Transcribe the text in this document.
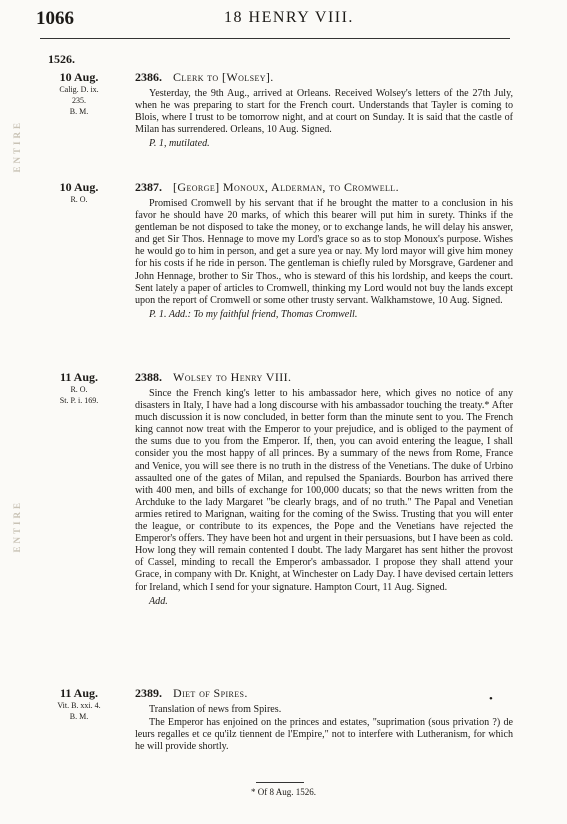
1066	18 HENRY VIII.
1526.
ENTIRE
ENTIRE
10 Aug.
Calig. D. ix.
235.
B. M.
2386. Clerk to [Wolsey].

Yesterday, the 9th Aug., arrived at Orleans. Received Wolsey's letters of the 27th July, when he was preparing to start for the French court. Understands that Tayler is coming to Blois, where I trust to be tomorrow night, and at court on Sunday. It is said that the castle of Milan has surrendered. Orleans, 10 Aug. Signed.

P. 1, mutilated.
10 Aug.
R. O.
2387. [George] Monoux, Alderman, to Cromwell.

Promised Cromwell by his servant that if he brought the matter to a conclusion in his favor he should have 20 marks, of which this bearer will put him in surety. Thinks if the gentleman be not disposed to take the money, or to exchange lands, he will delay his answer, and get Sir Thos. Hennage to move my Lord's grace so as to stop Monoux's purpose. Wishes he would go to him in person, and get a sure yea or nay. My lord mayor will give him money for his costs if he ride in person. The gentleman is chiefly ruled by Morsgrave, Gardener and John Hennage, brother to Sir Thos., who is steward of this his lordship, and keeps the court. Sent lately a paper of articles to Cromwell, thinking my Lord would not buy the lands except upon the report of Cromwell or some other trusty servant. Walkhamstowe, 10 Aug. Signed.

P. 1. Add.: To my faithful friend, Thomas Cromwell.
11 Aug.
R. O.
St. P. i. 169.
2388. Wolsey to Henry VIII.

Since the French king's letter to his ambassador here, which gives no notice of any disasters in Italy, I have had a long discourse with his ambassador touching the treaty.* After much discussion it is now concluded, in better form than the minute sent to you. The French king cannot now treat with the Emperor to your prejudice, and is obliged to the payment of the sums due to you from the Emperor. If, then, you can avoid entering the league, I shall consider you the most happy of all princes. By a summary of the news from Rome, France and Venice, you will see there is no truth in the distress of the Venetians. The duke of Urbino assaulted one of the gates of Milan, and repulsed the Spaniards. Bourbon has arrived there with 400 men, and bills of exchange for 100,000 ducats; so that the news written from the Archduke to the lady Margaret "be clearly brags, and of no truth." The Papal and Venetian armies retired to Marignan, waiting for the coming of the Swiss. Trusting that you will enter the league, or contribute to its expences, the Pope and the Venetians have rejected the Emperor's offers. They have been hot and urgent in their persuasions, but I have been as cold. How long they will remain contented I doubt. The lady Margaret has sent hither the provost of Cassel, minding to recall the Emperor's ambassador. I propose they shall attend your Grace, in company with Dr. Knight, at Winchester on Lady Day. I have devised certain letters for Ireland, which I send for your signature. Hampton Court, 11 Aug. Signed.

Add.
•
11 Aug.
Vit. B. xxi. 4.
B. M.
2389. Diet of Spires.

Translation of news from Spires.

The Emperor has enjoined on the princes and estates, "suprimation (sous privation ?) de leurs regalles et ce qu'ilz tiennent de l'Empire," not to interfere with Lutheranism, for which he will provide shortly.

* Of 8 Aug. 1526.
